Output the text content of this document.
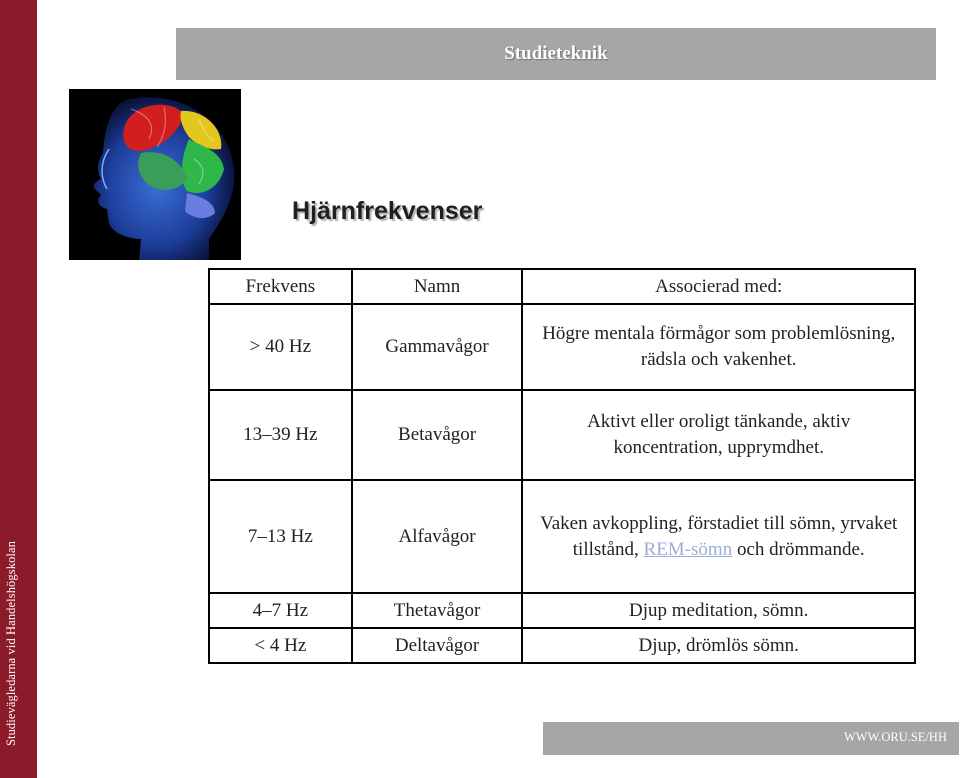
Studievägledarna vid Handelshögskolan
Studieteknik
Hjärnfrekvenser
Frekvens	Namn	Associerad med:
> 40 Hz	Gammavågor	Högre mentala förmågor som problemlösning, rädsla och vakenhet.
13–39 Hz	Betavågor	Aktivt eller oroligt tänkande, aktiv koncentration, upprymdhet.
7–13 Hz	Alfavågor	Vaken avkoppling, förstadiet till sömn, yrvaket tillstånd, REM-sömn och drömmande.
4–7 Hz	Thetavågor	Djup meditation, sömn.
< 4 Hz	Deltavågor	Djup, drömlös sömn.
WWW.ORU.SE/HH
